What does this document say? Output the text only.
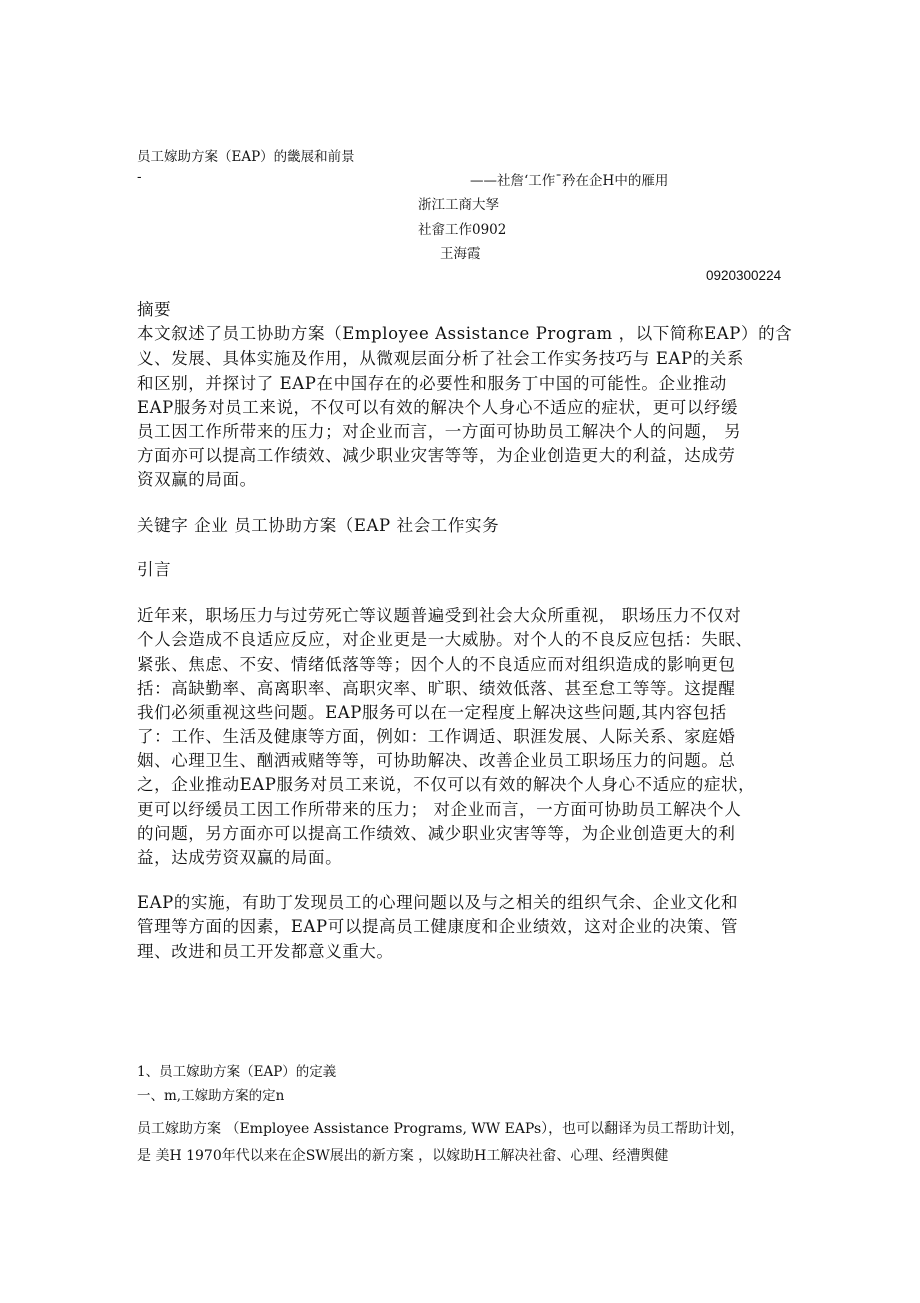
员工嫁助方案（EAP）的畿展和前景
-	——社詹‘工作ˉ矜在企H中的雁用
浙江工商大孥
社畲工作0902
王海霞
0920300224
摘要
本文叙述了员工协助方案（Employee Assistance Program ，以下简称EAP）的含
义、发展、具体实施及作用，从微观层面分析了社会工作实务技巧与 EAP的关系
和区别，并探讨了 EAP在中国存在的必要性和服务丁中国的可能性。企业推动
EAP服务对员工来说，不仅可以有效的解决个人身心不适应的症状，更可以纾缓
员工因工作所带来的压力；对企业而言，一方面可协助员工解决个人的问题， 另
方面亦可以提高工作绩效、减少职业灾害等等，为企业创造更大的利益，达成劳
资双赢的局面。
关键字 企业 员工协助方案（EAP 社会工作实务
引言
近年来，职场压力与过劳死亡等议题普遍受到社会大众所重视， 职场压力不仅对
个人会造成不良适应反应，对企业更是一大威胁。对个人的不良反应包括：失眠、
紧张、焦虑、不安、情绪低落等等；因个人的不良适应而对组织造成的影响更包
括：高缺勤率、高离职率、高职灾率、旷职、绩效低落、甚至怠工等等。这提醒
我们必须重视这些问题。EAP服务可以在一定程度上解决这些问题,其内容包括
了：工作、生活及健康等方面，例如：工作调适、职涯发展、人际关系、家庭婚
姻、心理卫生、酗洒戒赌等等，可协助解决、改善企业员工职场压力的问题。总
之，企业推动EAP服务对员工来说，不仅可以有效的解决个人身心不适应的症状，
更可以纾缓员工因工作所带来的压力； 对企业而言，一方面可协助员工解决个人
的问题，另方面亦可以提高工作绩效、减少职业灾害等等，为企业创造更大的利
益，达成劳资双赢的局面。
EAP的实施，有助丁发现员工的心理问题以及与之相关的组织气余、企业文化和
管理等方面的因素，EAP可以提高员工健康度和企业绩效，这对企业的决策、管
理、改进和员工开发都意义重大。
1、员工嫁助方案（EAP）的定義
一、m,工嫁助方案的定n
员工嫁助方案 （Employee Assistance Programs, WW EAPs），也可以翻译为员工帮助计划，
是 美H 1970年代以来在企SW展出的新方案 ，以嫁助H工解决社畲、心理、经漕舆健
